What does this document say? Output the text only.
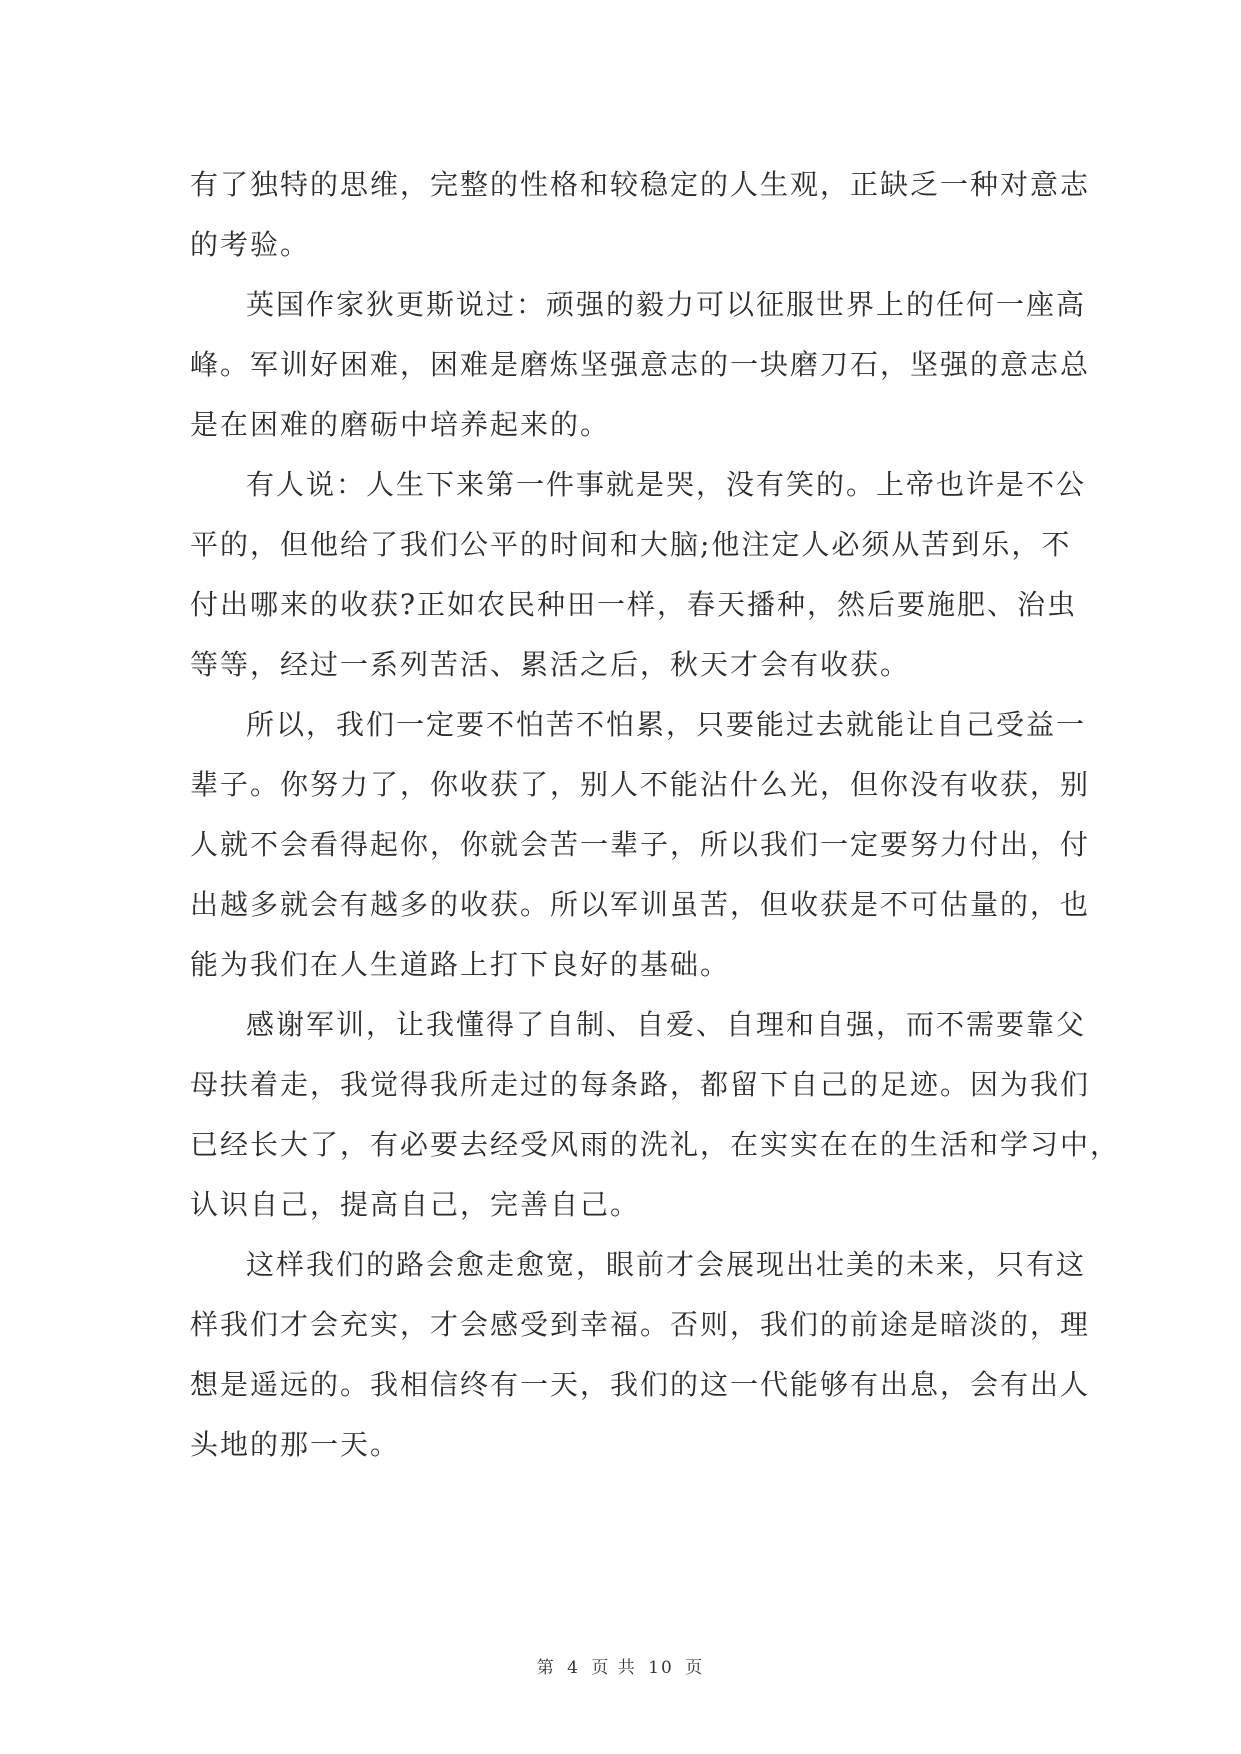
有了独特的思维，完整的性格和较稳定的人生观，正缺乏一种对意志
的考验。
英国作家狄更斯说过：顽强的毅力可以征服世界上的任何一座高
峰。军训好困难，困难是磨炼坚强意志的一块磨刀石，坚强的意志总
是在困难的磨砺中培养起来的。
有人说：人生下来第一件事就是哭，没有笑的。上帝也许是不公
平的，但他给了我们公平的时间和大脑;他注定人必须从苦到乐，不
付出哪来的收获?正如农民种田一样，春天播种，然后要施肥、治虫
等等，经过一系列苦活、累活之后，秋天才会有收获。
所以，我们一定要不怕苦不怕累，只要能过去就能让自己受益一
辈子。你努力了，你收获了，别人不能沾什么光，但你没有收获，别
人就不会看得起你，你就会苦一辈子，所以我们一定要努力付出，付
出越多就会有越多的收获。所以军训虽苦，但收获是不可估量的，也
能为我们在人生道路上打下良好的基础。
感谢军训，让我懂得了自制、自爱、自理和自强，而不需要靠父
母扶着走，我觉得我所走过的每条路，都留下自己的足迹。因为我们
已经长大了，有必要去经受风雨的洗礼，在实实在在的生活和学习中，
认识自己，提高自己，完善自己。
这样我们的路会愈走愈宽，眼前才会展现出壮美的未来，只有这
样我们才会充实，才会感受到幸福。否则，我们的前途是暗淡的，理
想是遥远的。我相信终有一天，我们的这一代能够有出息，会有出人
头地的那一天。
第 4 页 共 10 页
